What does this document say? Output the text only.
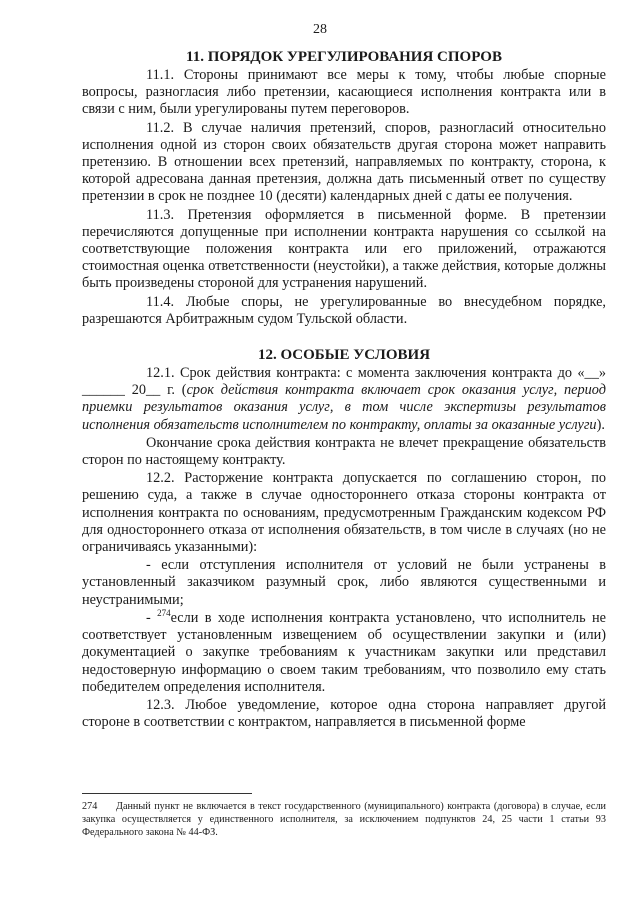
28
11. ПОРЯДОК УРЕГУЛИРОВАНИЯ СПОРОВ

11.1. Стороны принимают все меры к тому, чтобы любые спорные вопросы, разногласия либо претензии, касающиеся исполнения контракта или в связи с ним, были урегулированы путем переговоров.

11.2. В случае наличия претензий, споров, разногласий относительно исполнения одной из сторон своих обязательств другая сторона может направить претензию. В отношении всех претензий, направляемых по контракту, сторона, к которой адресована данная претензия, должна дать письменный ответ по существу претензии в срок не позднее 10 (десяти) календарных дней с даты ее получения.

11.3. Претензия оформляется в письменной форме. В претензии перечисляются допущенные при исполнении контракта нарушения со ссылкой на соответствующие положения контракта или его приложений, отражаются стоимостная оценка ответственности (неустойки), а также действия, которые должны быть произведены стороной для устранения нарушений.

11.4. Любые споры, не урегулированные во внесудебном порядке, разрешаются Арбитражным судом Тульской области.

12. ОСОБЫЕ УСЛОВИЯ

12.1. Срок действия контракта: с момента заключения контракта до «__» ______ 20__ г. (срок действия контракта включает срок оказания услуг, период приемки результатов оказания услуг, в том числе экспертизы результатов исполнения обязательств исполнителем по контракту, оплаты за оказанные услуги).

Окончание срока действия контракта не влечет прекращение обязательств сторон по настоящему контракту.

12.2. Расторжение контракта допускается по соглашению сторон, по решению суда, а также в случае одностороннего отказа стороны контракта от исполнения контракта по основаниям, предусмотренным Гражданским кодексом РФ для одностороннего отказа от исполнения обязательств, в том числе в случаях (но не ограничиваясь указанными):

- если отступления исполнителя от условий не были устранены в установленный заказчиком разумный срок, либо являются существенными и неустранимыми;

- $^{274}$если в ходе исполнения контракта установлено, что исполнитель не соответствует установленным извещением об осуществлении закупки и (или) документацией о закупке требованиям к участникам закупки или представил недостоверную информацию о своем таким требованиям, что позволило ему стать победителем определения исполнителя.

12.3. Любое уведомление, которое одна сторона направляет другой стороне в соответствии с контрактом, направляется в письменной форме

274 Данный пункт не включается в текст государственного (муниципального) контракта (договора) в случае, если закупка осуществляется у единственного исполнителя, за исключением подпунктов 24, 25 части 1 статьи 93 Федерального закона № 44-ФЗ.
